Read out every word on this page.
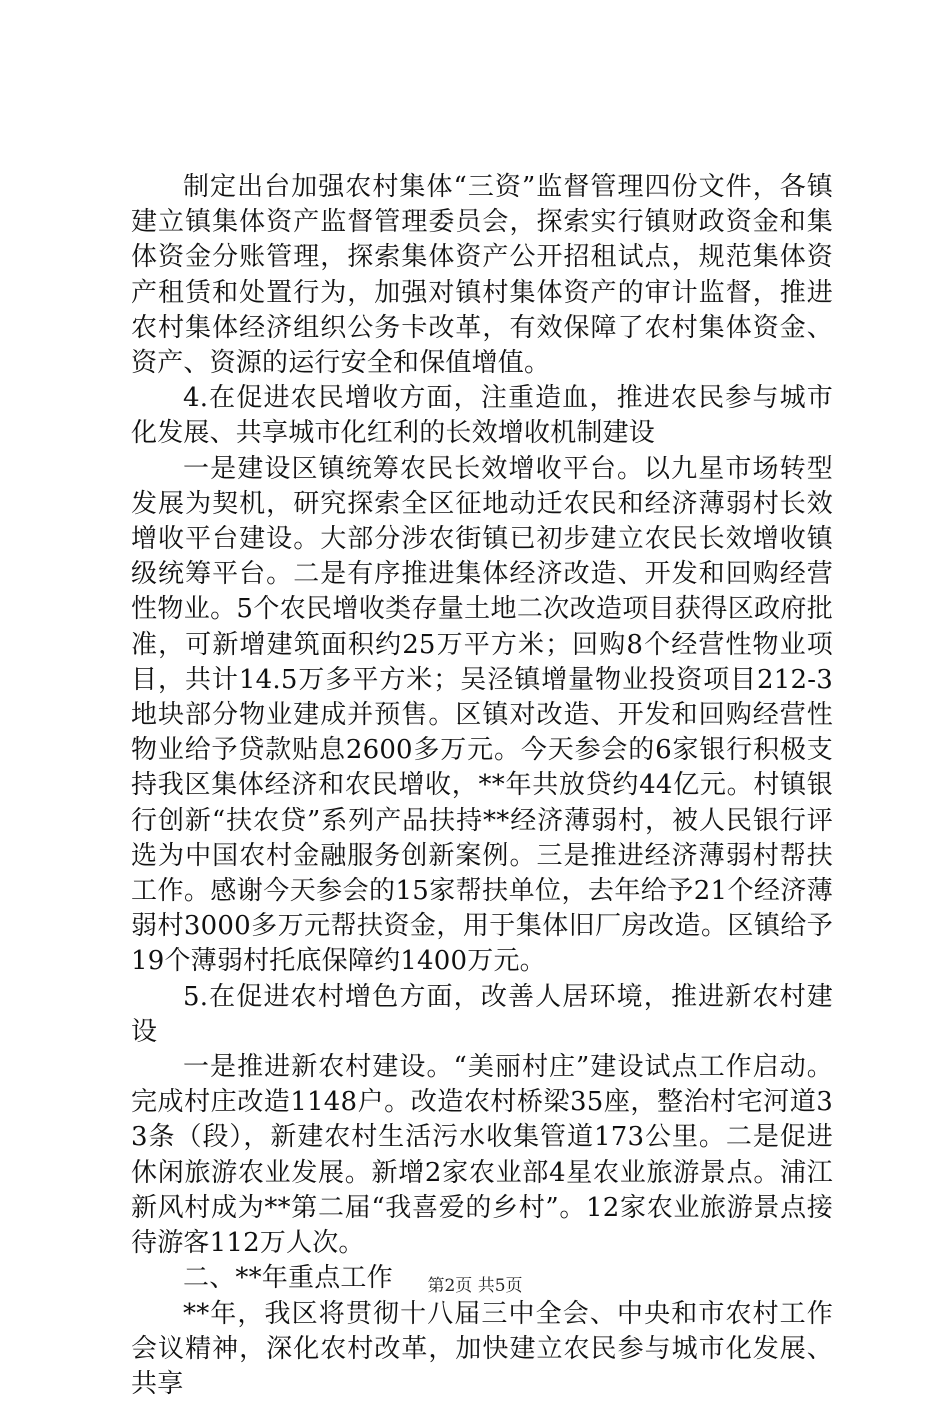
制定出台加强农村集体“三资”监督管理四份文件，各镇建立镇集体资产监督管理委员会，探索实行镇财政资金和集体资金分账管理，探索集体资产公开招租试点，规范集体资产租赁和处置行为，加强对镇村集体资产的审计监督，推进农村集体经济组织公务卡改革，有效保障了农村集体资金、资产、资源的运行安全和保值增值。

4.在促进农民增收方面，注重造血，推进农民参与城市化发展、共享城市化红利的长效增收机制建设

一是建设区镇统筹农民长效增收平台。以九星市场转型发展为契机，研究探索全区征地动迁农民和经济薄弱村长效增收平台建设。大部分涉农街镇已初步建立农民长效增收镇级统筹平台。二是有序推进集体经济改造、开发和回购经营性物业。5个农民增收类存量土地二次改造项目获得区政府批准，可新增建筑面积约25万平方米；回购8个经营性物业项目，共计14.5万多平方米；吴泾镇增量物业投资项目212-3地块部分物业建成并预售。区镇对改造、开发和回购经营性物业给予贷款贴息2600多万元。今天参会的6家银行积极支持我区集体经济和农民增收，**年共放贷约44亿元。村镇银行创新“扶农贷”系列产品扶持**经济薄弱村，被人民银行评选为中国农村金融服务创新案例。三是推进经济薄弱村帮扶工作。感谢今天参会的15家帮扶单位，去年给予21个经济薄弱村3000多万元帮扶资金，用于集体旧厂房改造。区镇给予19个薄弱村托底保障约1400万元。

5.在促进农村增色方面，改善人居环境，推进新农村建设

一是推进新农村建设。“美丽村庄”建设试点工作启动。完成村庄改造1148户。改造农村桥梁35座，整治村宅河道33条（段），新建农村生活污水收集管道173公里。二是促进休闲旅游农业发展。新增2家农业部4星农业旅游景点。浦江新风村成为**第二届“我喜爱的乡村”。12家农业旅游景点接待游客112万人次。

二、**年重点工作

**年，我区将贯彻十八届三中全会、中央和市农村工作会议精神，深化农村改革，加快建立农民参与城市化发展、共享

第2页 共5页
